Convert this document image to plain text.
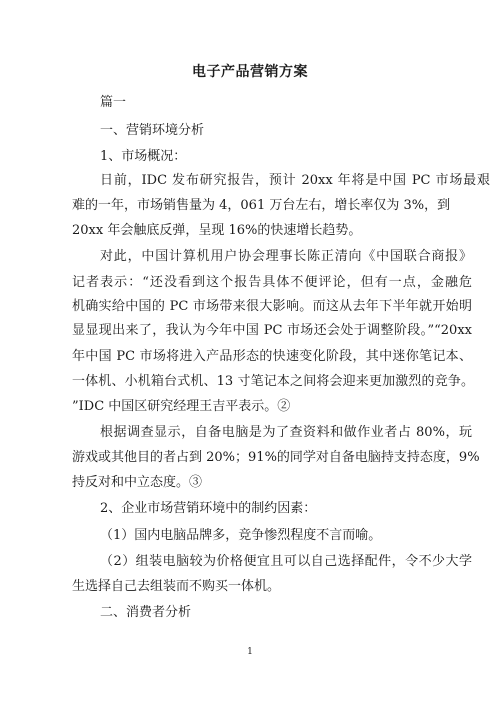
电子产品营销方案
篇一
一、营销环境分析
1、市场概况：
日前，IDC 发布研究报告，预计 20xx 年将是中国 PC 市场最艰
难的一年，市场销售量为 4，061 万台左右，增长率仅为 3%，到
20xx 年会触底反弹，呈现 16%的快速增长趋势。
对此，中国计算机用户协会理事长陈正清向《中国联合商报》
记者表示：“还没看到这个报告具体不便评论，但有一点，金融危
机确实给中国的 PC 市场带来很大影响。而这从去年下半年就开始明
显显现出来了，我认为今年中国 PC 市场还会处于调整阶段。”“20xx
年中国 PC 市场将进入产品形态的快速变化阶段，其中迷你笔记本、
一体机、小机箱台式机、13 寸笔记本之间将会迎来更加激烈的竞争。
”IDC 中国区研究经理王吉平表示。②
根据调查显示，自备电脑是为了查资料和做作业者占 80%，玩
游戏或其他目的者占到 20%；91%的同学对自备电脑持支持态度，9%
持反对和中立态度。③
2、企业市场营销环境中的制约因素：
（1）国内电脑品牌多，竞争惨烈程度不言而喻。
（2）组装电脑较为价格便宜且可以自己选择配件，令不少大学
生选择自己去组装而不购买一体机。
二、消费者分析
1
